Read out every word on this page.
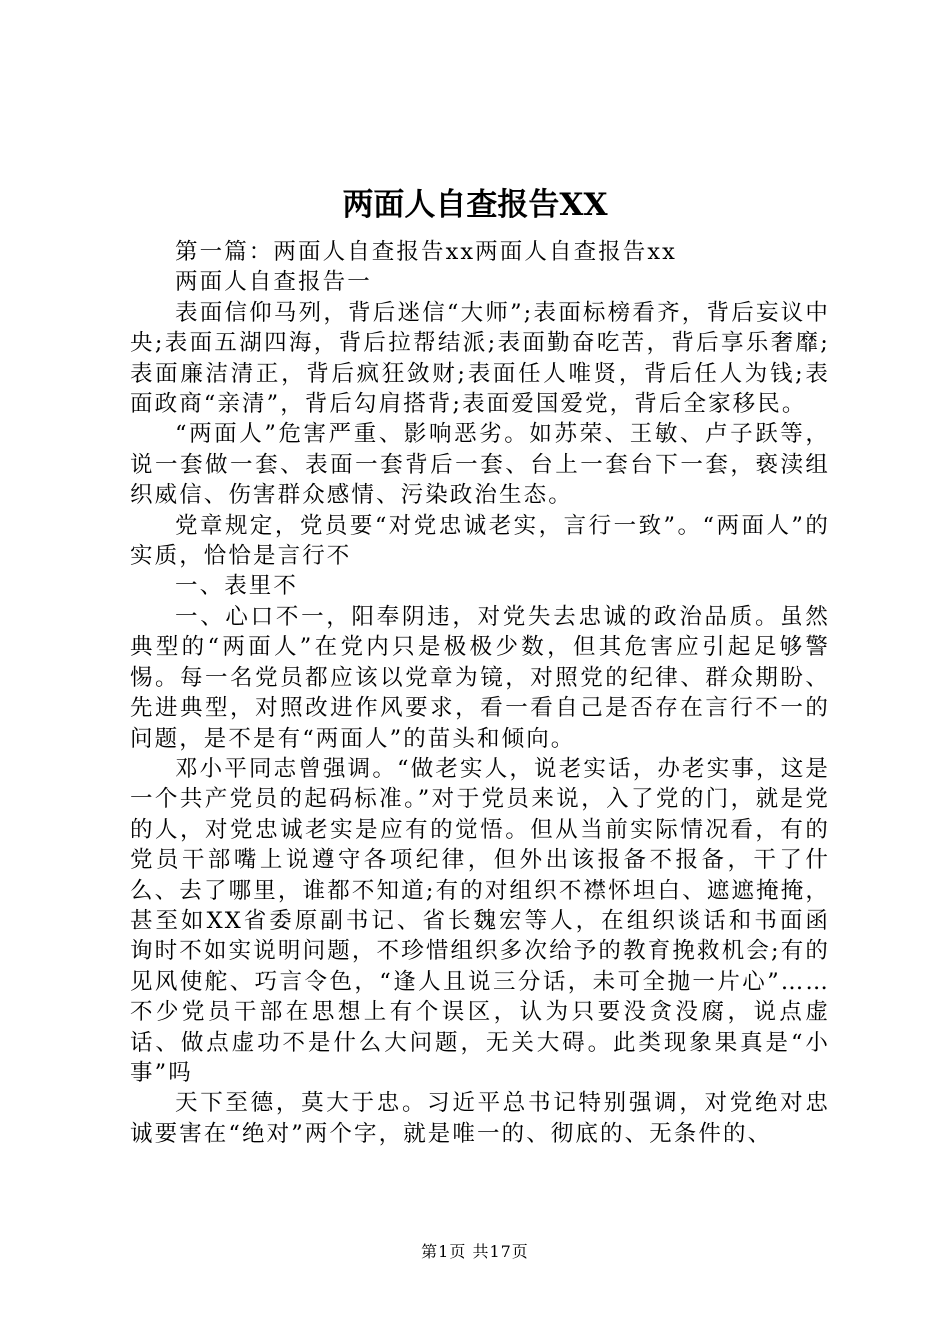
两面人自查报告XX

第一篇：两面人自查报告xx两面人自查报告xx

两面人自查报告一

表面信仰马列，背后迷信“大师”;表面标榜看齐，背后妄议中央;表面五湖四海，背后拉帮结派;表面勤奋吃苦，背后享乐奢靡;表面廉洁清正，背后疯狂敛财;表面任人唯贤，背后任人为钱;表面政商“亲清”，背后勾肩搭背;表面爱国爱党，背后全家移民。

“两面人”危害严重、影响恶劣。如苏荣、王敏、卢子跃等，说一套做一套、表面一套背后一套、台上一套台下一套，亵渎组织威信、伤害群众感情、污染政治生态。

党章规定，党员要“对党忠诚老实，言行一致”。“两面人”的实质，恰恰是言行不

一、表里不

一、心口不一，阳奉阴违，对党失去忠诚的政治品质。虽然典型的“两面人”在党内只是极极少数，但其危害应引起足够警惕。每一名党员都应该以党章为镜，对照党的纪律、群众期盼、先进典型，对照改进作风要求，看一看自己是否存在言行不一的问题，是不是有“两面人”的苗头和倾向。

邓小平同志曾强调。“做老实人，说老实话，办老实事，这是一个共产党员的起码标准。”对于党员来说，入了党的门，就是党的人，对党忠诚老实是应有的觉悟。但从当前实际情况看，有的党员干部嘴上说遵守各项纪律，但外出该报备不报备，干了什么、去了哪里，谁都不知道;有的对组织不襟怀坦白、遮遮掩掩，甚至如XX省委原副书记、省长魏宏等人，在组织谈话和书面函询时不如实说明问题，不珍惜组织多次给予的教育挽救机会;有的见风使舵、巧言令色，“逢人且说三分话，未可全抛一片心”……不少党员干部在思想上有个误区，认为只要没贪没腐，说点虚话、做点虚功不是什么大问题，无关大碍。此类现象果真是“小事”吗

天下至德，莫大于忠。习近平总书记特别强调，对党绝对忠诚要害在“绝对”两个字，就是唯一的、彻底的、无条件的、

第1页 共17页
